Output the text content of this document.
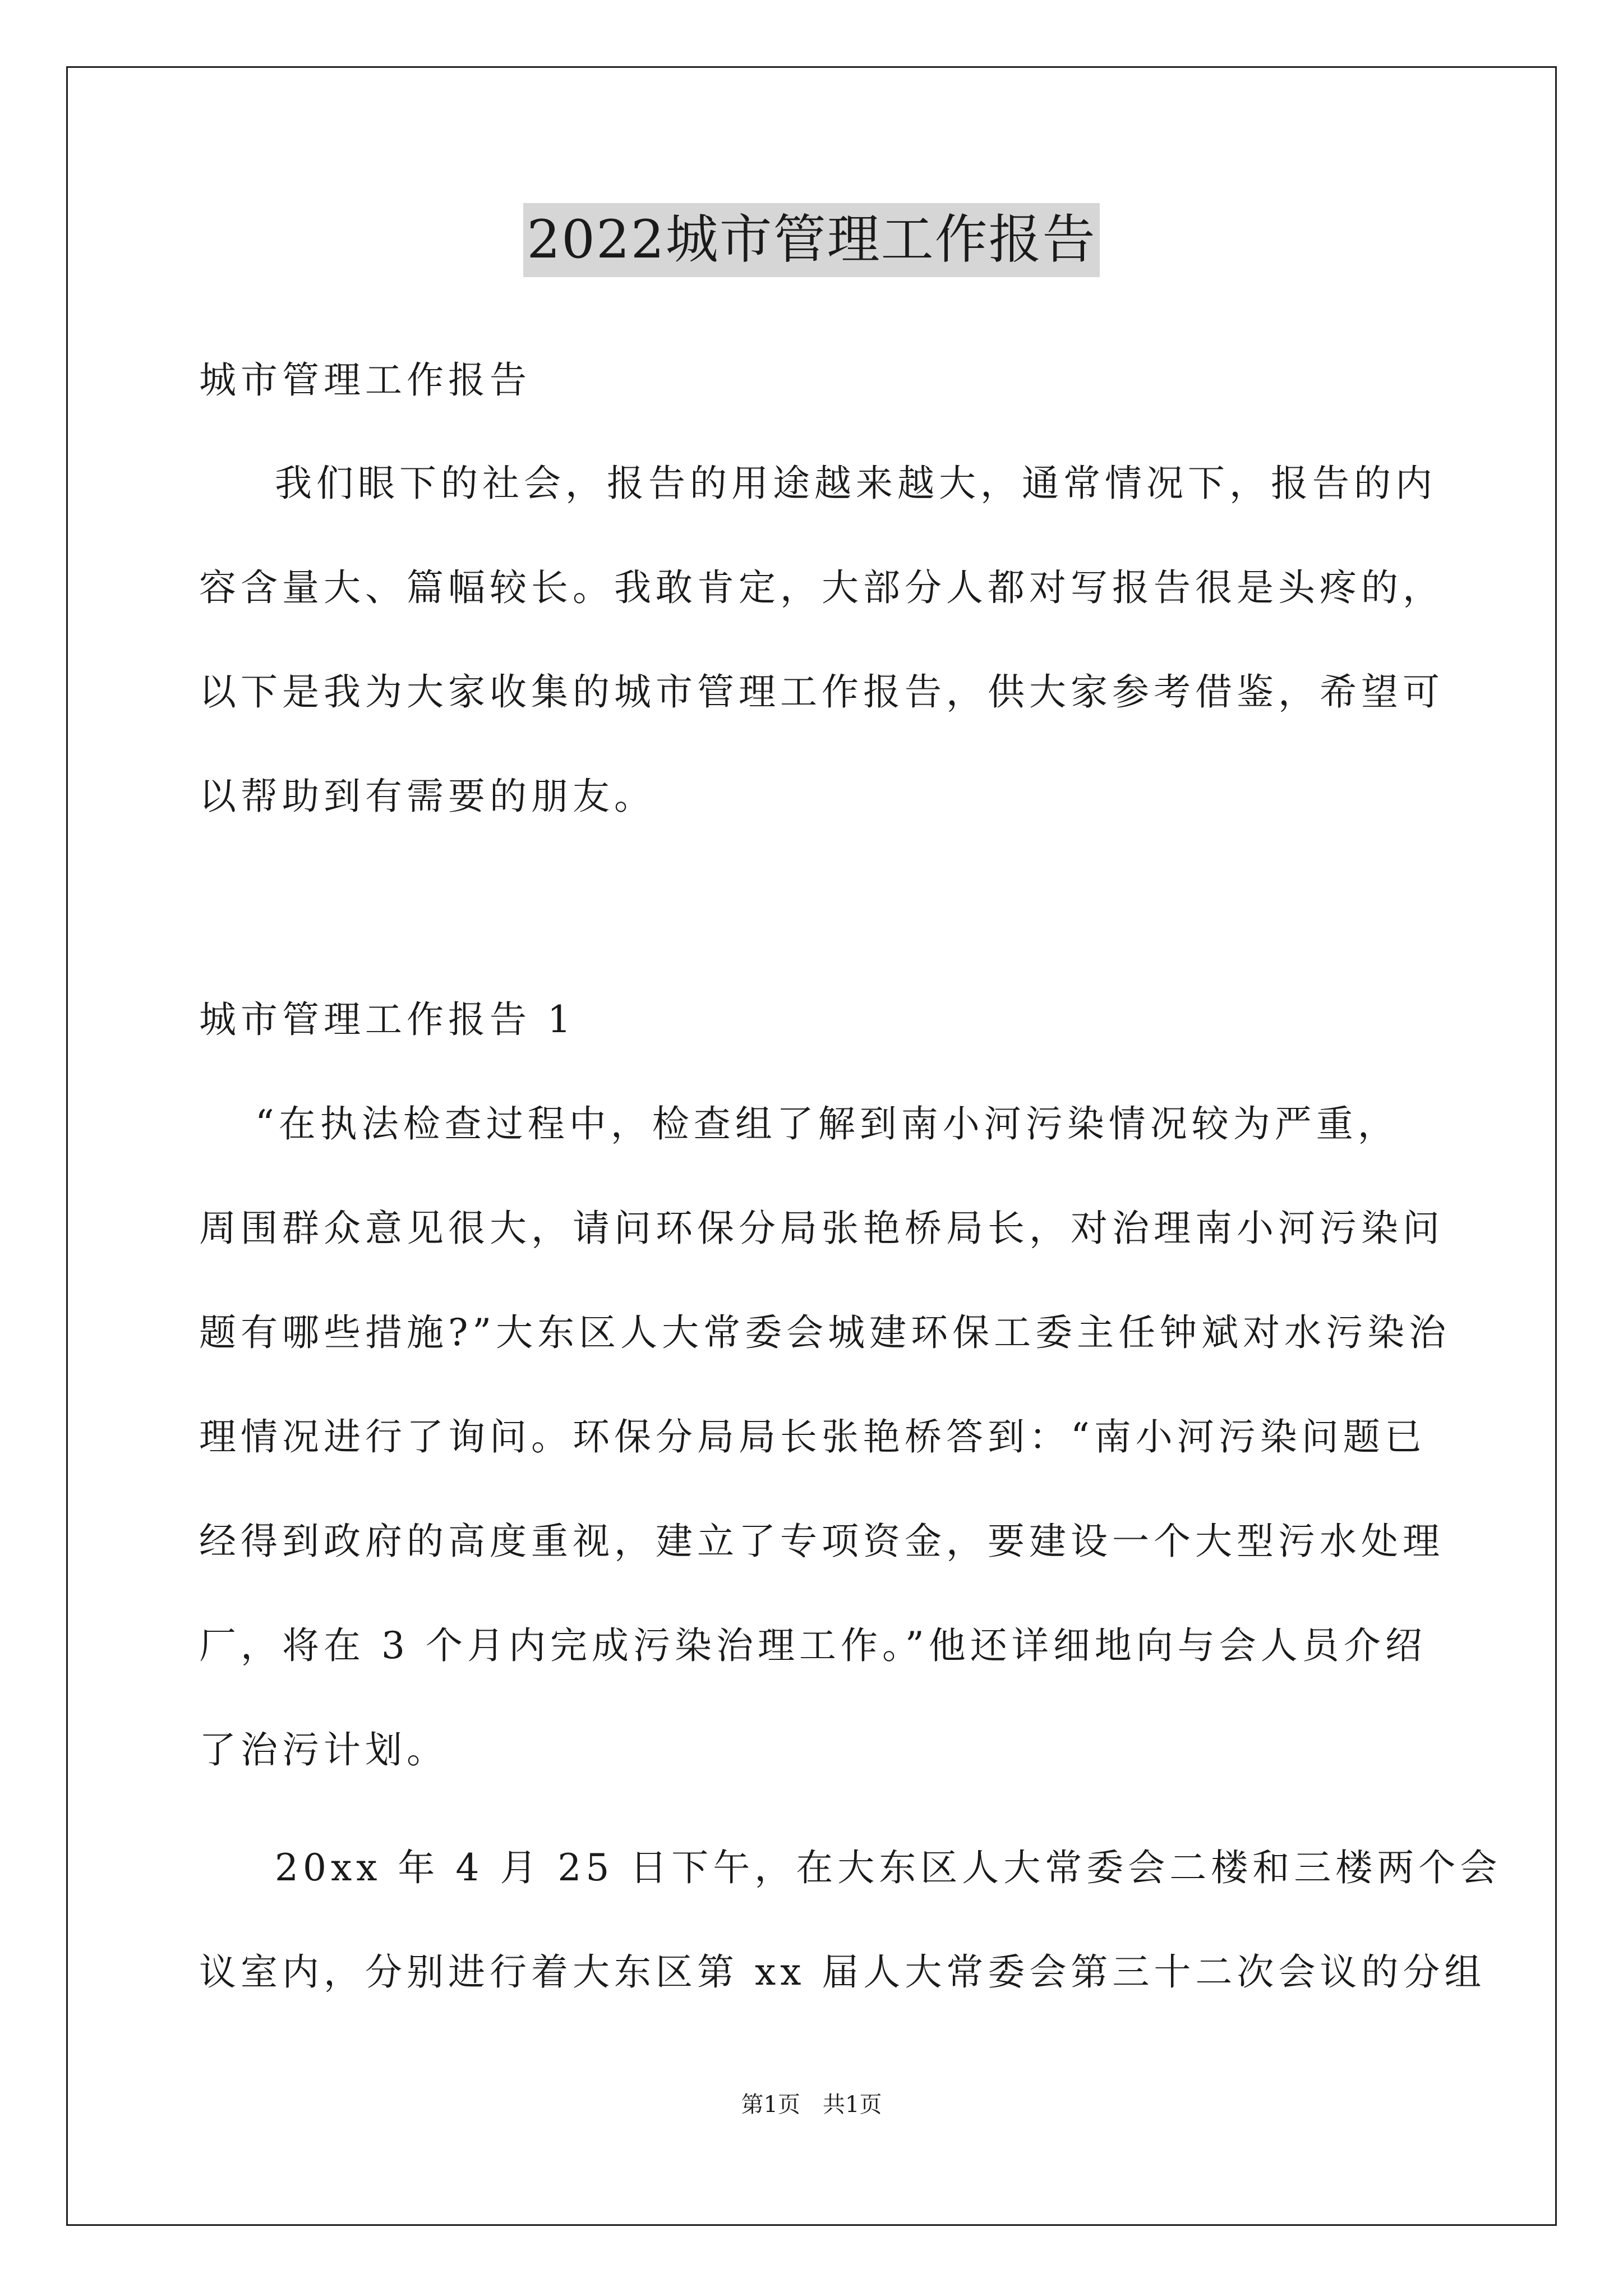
2022城市管理工作报告
城市管理工作报告
我们眼下的社会，报告的用途越来越大，通常情况下，报告的内
容含量大、篇幅较长。我敢肯定，大部分人都对写报告很是头疼的，
以下是我为大家收集的城市管理工作报告，供大家参考借鉴，希望可
以帮助到有需要的朋友。
城市管理工作报告 1
“在执法检查过程中，检查组了解到南小河污染情况较为严重，
周围群众意见很大，请问环保分局张艳桥局长，对治理南小河污染问
题有哪些措施?”大东区人大常委会城建环保工委主任钟斌对水污染治
理情况进行了询问。环保分局局长张艳桥答到：“南小河污染问题已
经得到政府的高度重视，建立了专项资金，要建设一个大型污水处理
厂，将在 3 个月内完成污染治理工作。”他还详细地向与会人员介绍
了治污计划。
20xx 年 4 月 25 日下午，在大东区人大常委会二楼和三楼两个会
议室内，分别进行着大东区第 xx 届人大常委会第三十二次会议的分组
第1页　共1页
